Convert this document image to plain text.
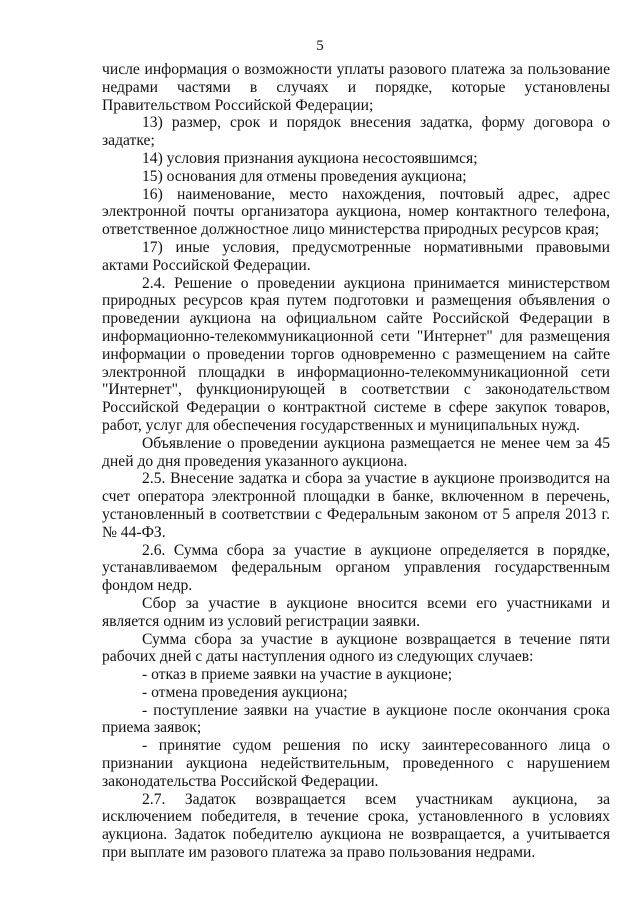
5

числе информация о возможности уплаты разового платежа за пользование недрами частями в случаях и порядке, которые установлены Правительством Российской Федерации;

13) размер, срок и порядок внесения задатка, форму договора о задатке;

14) условия признания аукциона несостоявшимся;

15) основания для отмены проведения аукциона;

16) наименование, место нахождения, почтовый адрес, адрес электронной почты организатора аукциона, номер контактного телефона, ответственное должностное лицо министерства природных ресурсов края;

17) иные условия, предусмотренные нормативными правовыми актами Российской Федерации.

2.4. Решение о проведении аукциона принимается министерством природных ресурсов края путем подготовки и размещения объявления о проведении аукциона на официальном сайте Российской Федерации в информационно-телекоммуникационной сети "Интернет" для размещения информации о проведении торгов одновременно с размещением на сайте электронной площадки в информационно-телекоммуникационной сети "Интернет", функционирующей в соответствии с законодательством Российской Федерации о контрактной системе в сфере закупок товаров, работ, услуг для обеспечения государственных и муниципальных нужд.

Объявление о проведении аукциона размещается не менее чем за 45 дней до дня проведения указанного аукциона.

2.5. Внесение задатка и сбора за участие в аукционе производится на счет оператора электронной площадки в банке, включенном в перечень, установленный в соответствии с Федеральным законом от 5 апреля 2013 г. № 44-ФЗ.

2.6. Сумма сбора за участие в аукционе определяется в порядке, устанавливаемом федеральным органом управления государственным фондом недр.

Сбор за участие в аукционе вносится всеми его участниками и является одним из условий регистрации заявки.

Сумма сбора за участие в аукционе возвращается в течение пяти рабочих дней с даты наступления одного из следующих случаев:

- отказ в приеме заявки на участие в аукционе;

- отмена проведения аукциона;

- поступление заявки на участие в аукционе после окончания срока приема заявок;

- принятие судом решения по иску заинтересованного лица о признании аукциона недействительным, проведенного с нарушением законодательства Российской Федерации.

2.7. Задаток возвращается всем участникам аукциона, за исключением победителя, в течение срока, установленного в условиях аукциона. Задаток победителю аукциона не возвращается, а учитывается при выплате им разового платежа за право пользования недрами.
